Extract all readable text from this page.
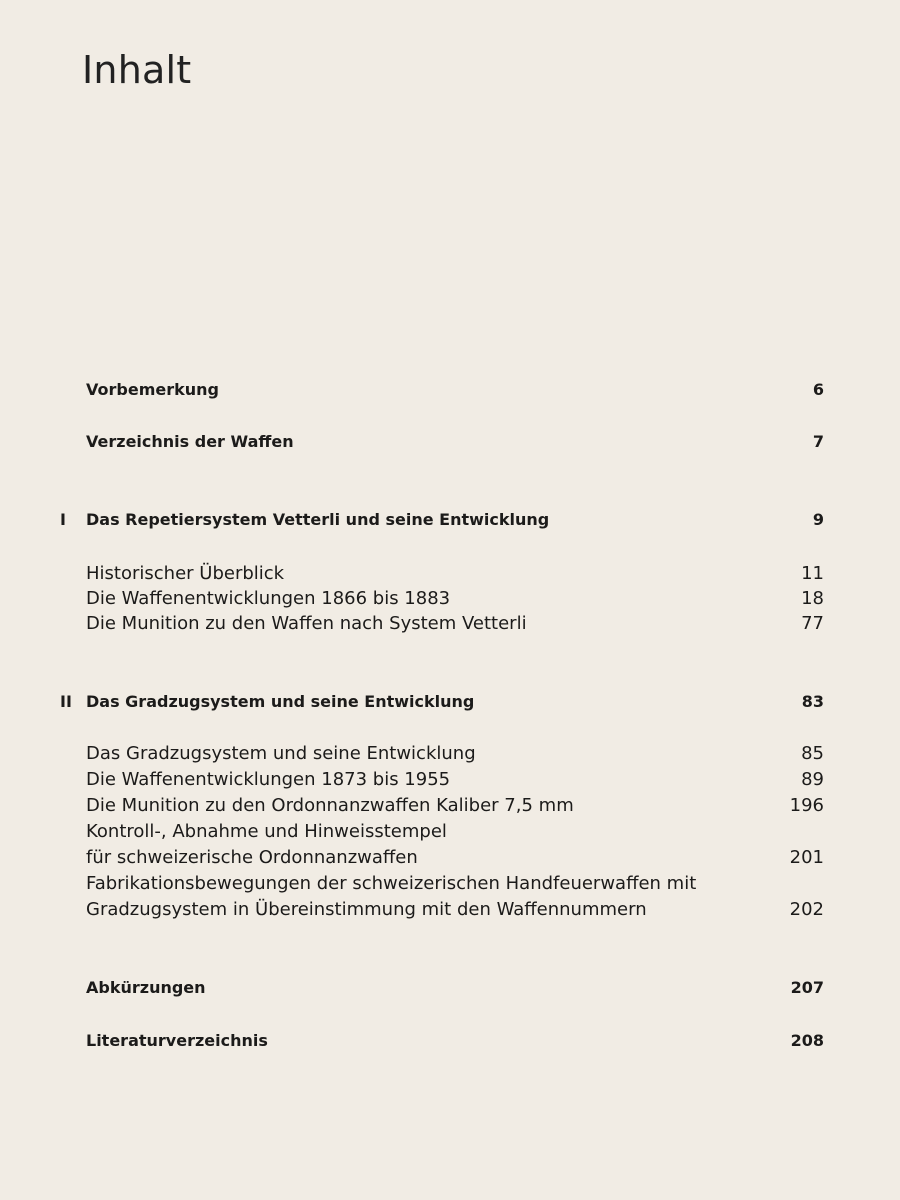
Inhalt
Vorbemerkung	6
Verzeichnis der Waffen	7
I Das Repetiersystem Vetterli und seine Entwicklung	9
Historischer Überblick	11
Die Waffenentwicklungen 1866 bis 1883	18
Die Munition zu den Waffen nach System Vetterli	77
II Das Gradzugsystem und seine Entwicklung	83
Das Gradzugsystem und seine Entwicklung	85
Die Waffenentwicklungen 1873 bis 1955	89
Die Munition zu den Ordonnanzwaffen Kaliber 7,5 mm	196
Kontroll-, Abnahme und Hinweisstempel
für schweizerische Ordonnanzwaffen	201
Fabrikationsbewegungen der schweizerischen Handfeuerwaffen mit
Gradzugsystem in Übereinstimmung mit den Waffennummern	202
Abkürzungen	207
Literaturverzeichnis	208
